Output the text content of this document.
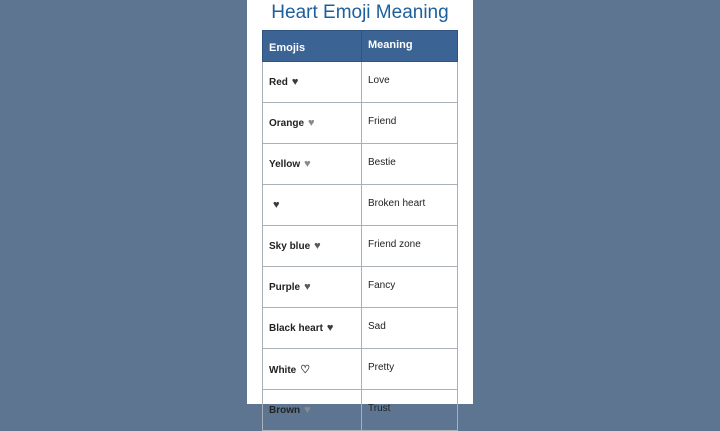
Heart Emoji Meaning
Emojis	Meaning
Red ♥	Love
Orange ♥	Friend
Yellow ♥	Bestie
♥	Broken heart
Sky blue ♥	Friend zone
Purple ♥	Fancy
Black heart ♥	Sad
White ♡	Pretty
Brown ♥	Trust
